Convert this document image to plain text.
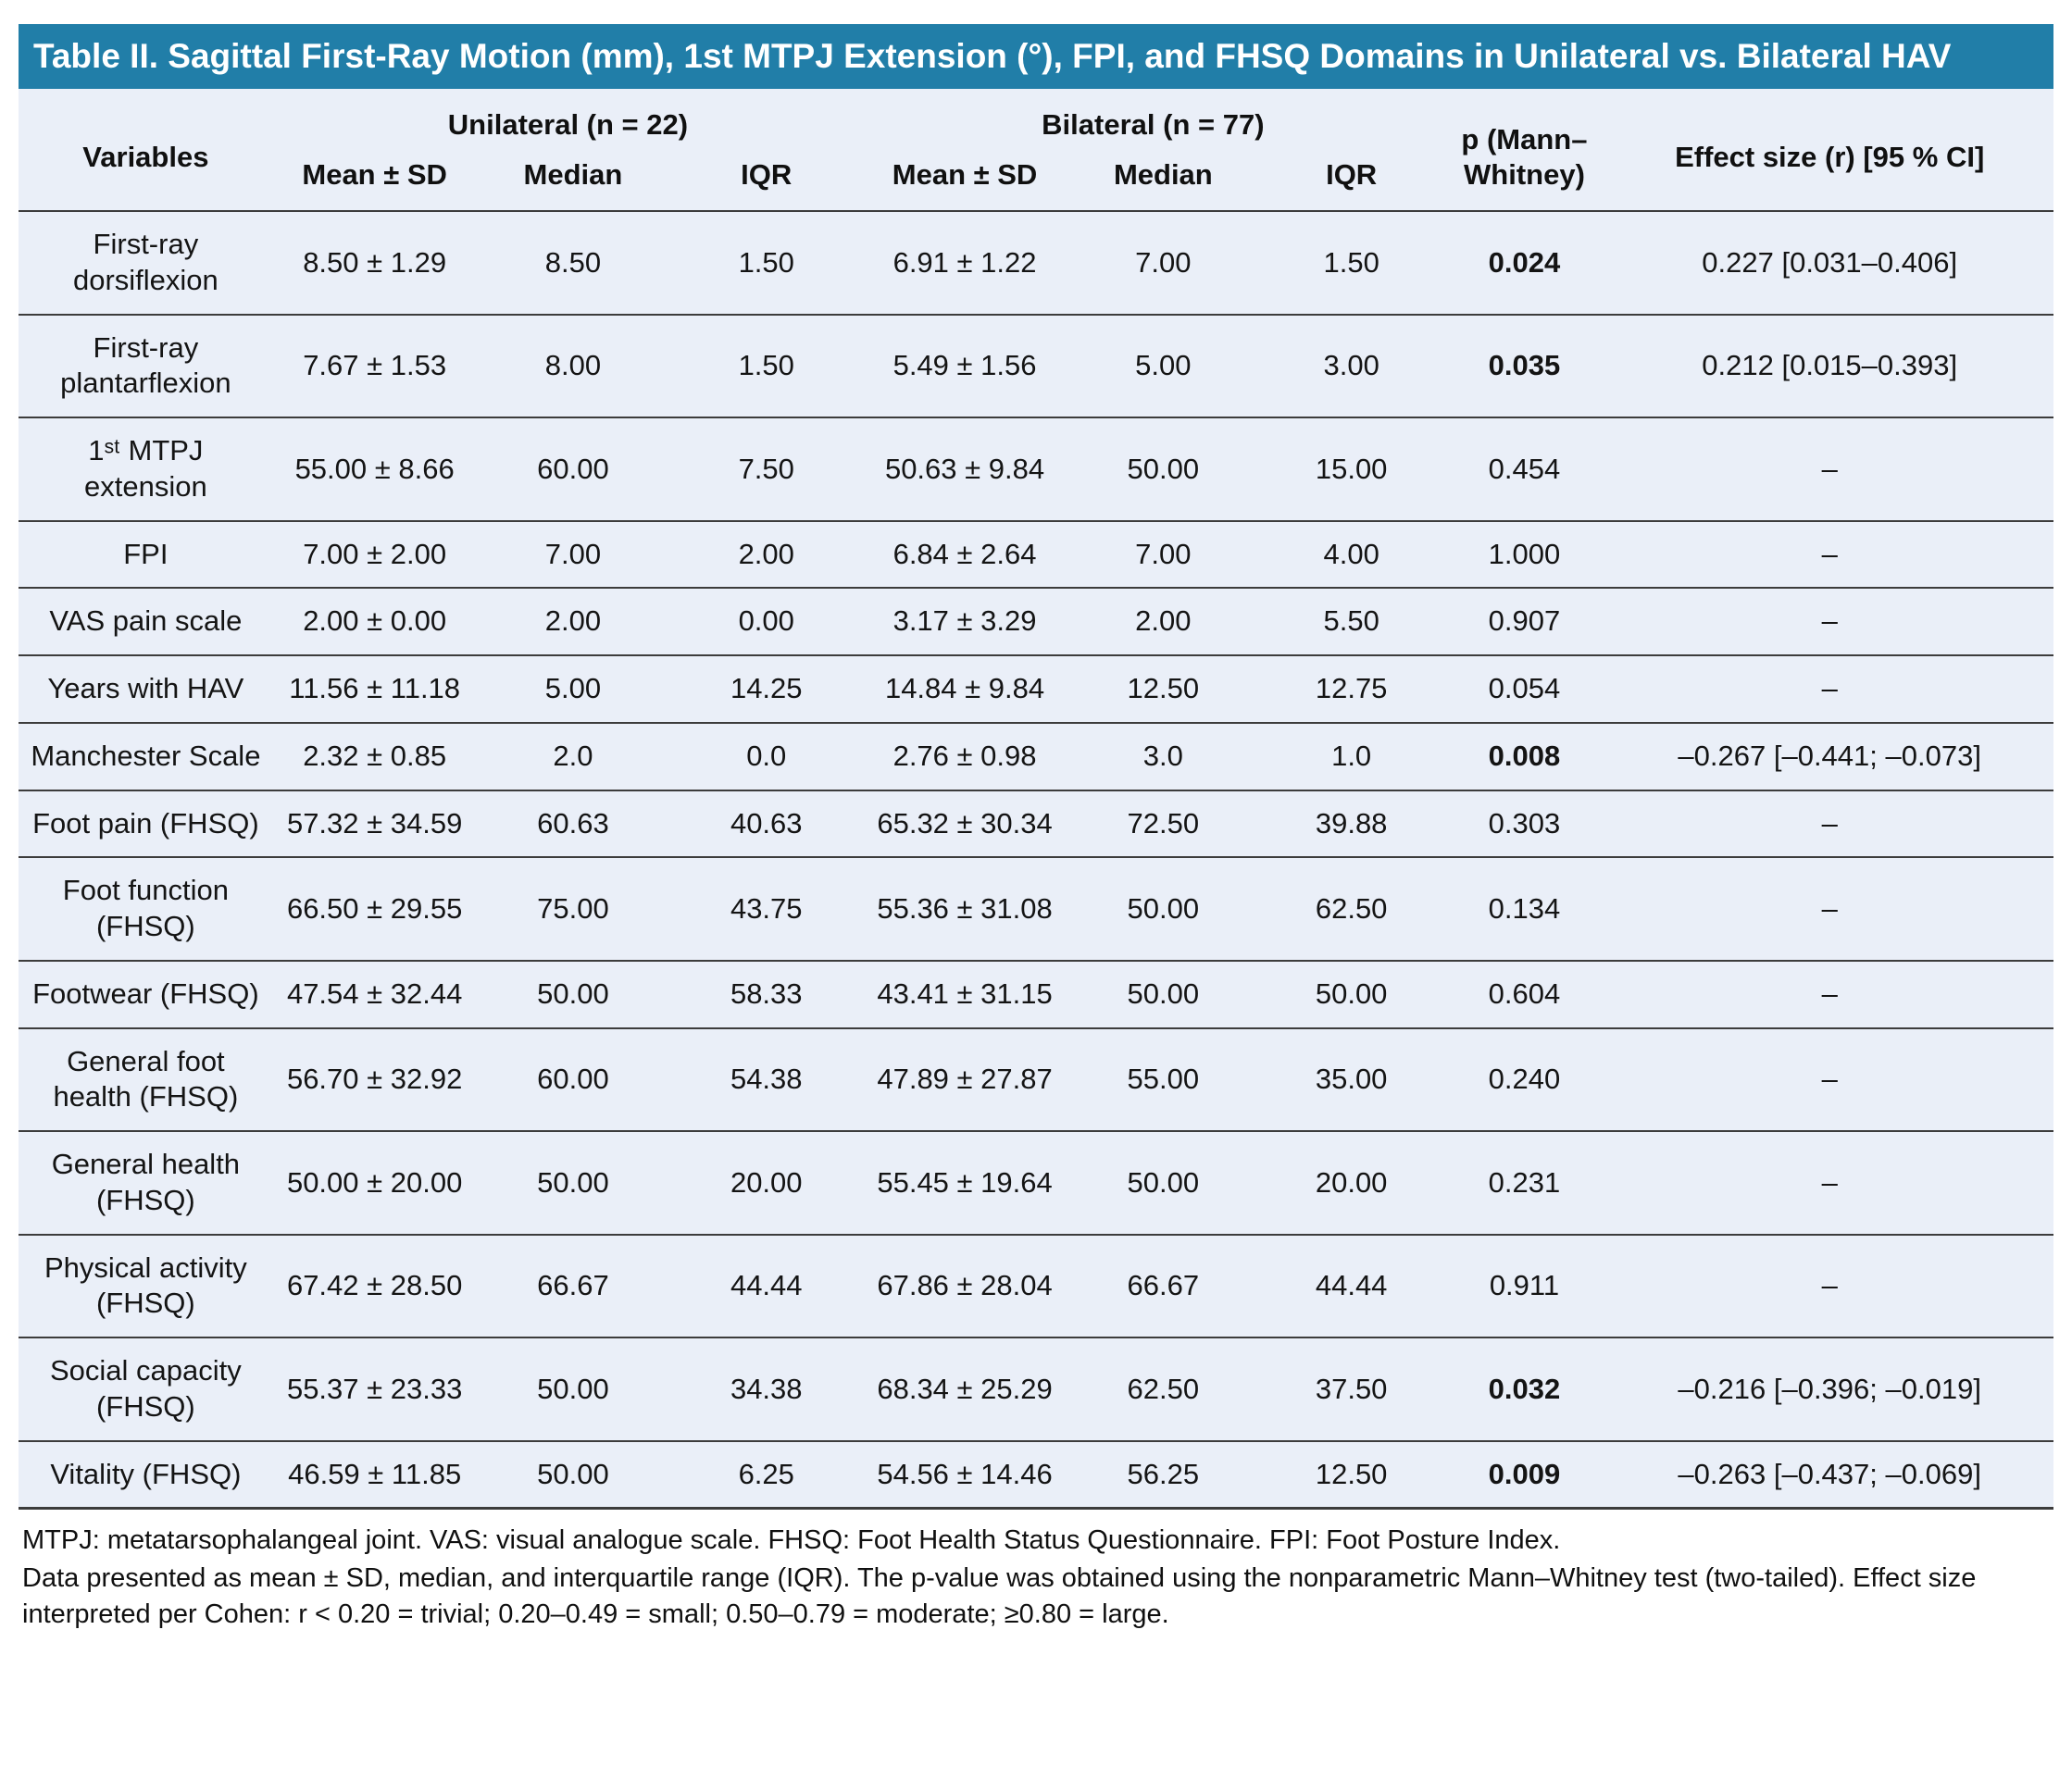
Table II. Sagittal First-Ray Motion (mm), 1st MTPJ Extension (°), FPI, and FHSQ Domains in Unilateral vs. Bilateral HAV
Variables	Unilateral (n = 22)			Bilateral (n = 77)			p (Mann–Whitney)	Effect size (r) [95 % CI]
	Mean ± SD	Median	IQR	Mean ± SD	Median	IQR		
First-ray dorsiflexion	8.50 ± 1.29	8.50	1.50	6.91 ± 1.22	7.00	1.50	0.024	0.227 [0.031–0.406]
First-ray plantarflexion	7.67 ± 1.53	8.00	1.50	5.49 ± 1.56	5.00	3.00	0.035	0.212 [0.015–0.393]
1ˢᵗ MTPJ extension	55.00 ± 8.66	60.00	7.50	50.63 ± 9.84	50.00	15.00	0.454	–
FPI	7.00 ± 2.00	7.00	2.00	6.84 ± 2.64	7.00	4.00	1.000	–
VAS pain scale	2.00 ± 0.00	2.00	0.00	3.17 ± 3.29	2.00	5.50	0.907	–
Years with HAV	11.56 ± 11.18	5.00	14.25	14.84 ± 9.84	12.50	12.75	0.054	–
Manchester Scale	2.32 ± 0.85	2.0	0.0	2.76 ± 0.98	3.0	1.0	0.008	–0.267 [–0.441; –0.073]
Foot pain (FHSQ)	57.32 ± 34.59	60.63	40.63	65.32 ± 30.34	72.50	39.88	0.303	–
Foot function (FHSQ)	66.50 ± 29.55	75.00	43.75	55.36 ± 31.08	50.00	62.50	0.134	–
Footwear (FHSQ)	47.54 ± 32.44	50.00	58.33	43.41 ± 31.15	50.00	50.00	0.604	–
General foot health (FHSQ)	56.70 ± 32.92	60.00	54.38	47.89 ± 27.87	55.00	35.00	0.240	–
General health (FHSQ)	50.00 ± 20.00	50.00	20.00	55.45 ± 19.64	50.00	20.00	0.231	–
Physical activity (FHSQ)	67.42 ± 28.50	66.67	44.44	67.86 ± 28.04	66.67	44.44	0.911	–
Social capacity (FHSQ)	55.37 ± 23.33	50.00	34.38	68.34 ± 25.29	62.50	37.50	0.032	–0.216 [–0.396; –0.019]
Vitality (FHSQ)	46.59 ± 11.85	50.00	6.25	54.56 ± 14.46	56.25	12.50	0.009	–0.263 [–0.437; –0.069]

MTPJ: metatarsophalangeal joint. VAS: visual analogue scale. FHSQ: Foot Health Status Questionnaire. FPI: Foot Posture Index.

Data presented as mean ± SD, median, and interquartile range (IQR). The p-value was obtained using the nonparametric Mann–Whitney test (two-tailed). Effect size interpreted per Cohen: r < 0.20 = trivial; 0.20–0.49 = small; 0.50–0.79 = moderate; ≥0.80 = large.
